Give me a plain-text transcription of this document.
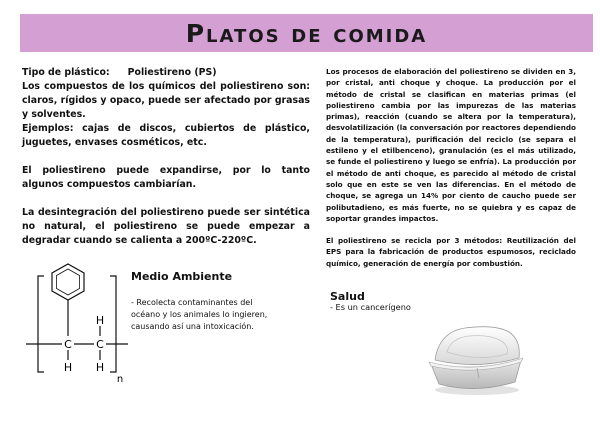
Platos de comida

Tipo de plástico: Poliestireno (PS)

Los compuestos de los químicos del poliestireno son: claros, rígidos y opaco, puede ser afectado por grasas y solventes.

Ejemplos: cajas de discos, cubiertos de plástico, juguetes, envases cosméticos, etc.

El poliestireno puede expandirse, por lo tanto algunos compuestos cambiarían.

La desintegración del poliestireno puede ser sintética no natural, el poliestireno se puede empezar a degradar cuando se calienta a 200ºC-220ºC.

Los procesos de elaboración del poliestireno se dividen en 3, por cristal, anti choque y choque. La producción por el método de cristal se clasifican en materias primas (el poliestireno cambia por las impurezas de las materias primas), reacción (cuando se altera por la temperatura), desvolatilización (la conversación por reactores dependiendo de la temperatura), purificación del reciclo (se separa el estileno y el etilbenceno), granulación (es el más utilizado, se funde el poliestireno y luego se enfría). La producción por el método de anti choque, es parecido al método de cristal solo que en este se ven las diferencias. En el método de choque, se agrega un 14% por ciento de caucho puede ser polibutadieno, es más fuerte, no se quiebra y es capaz de soportar grandes impactos.

El poliestireno se recicla por 3 métodos: Reutilización del EPS para la fabricación de productos espumosos, reciclado químico, generación de energía por combustión.

H
C C
H H
n
Medio Ambiente
- Recolecta contaminantes del océano y los animales lo ingieren, causando así una intoxicación.
Salud
- Es un cancerígeno
